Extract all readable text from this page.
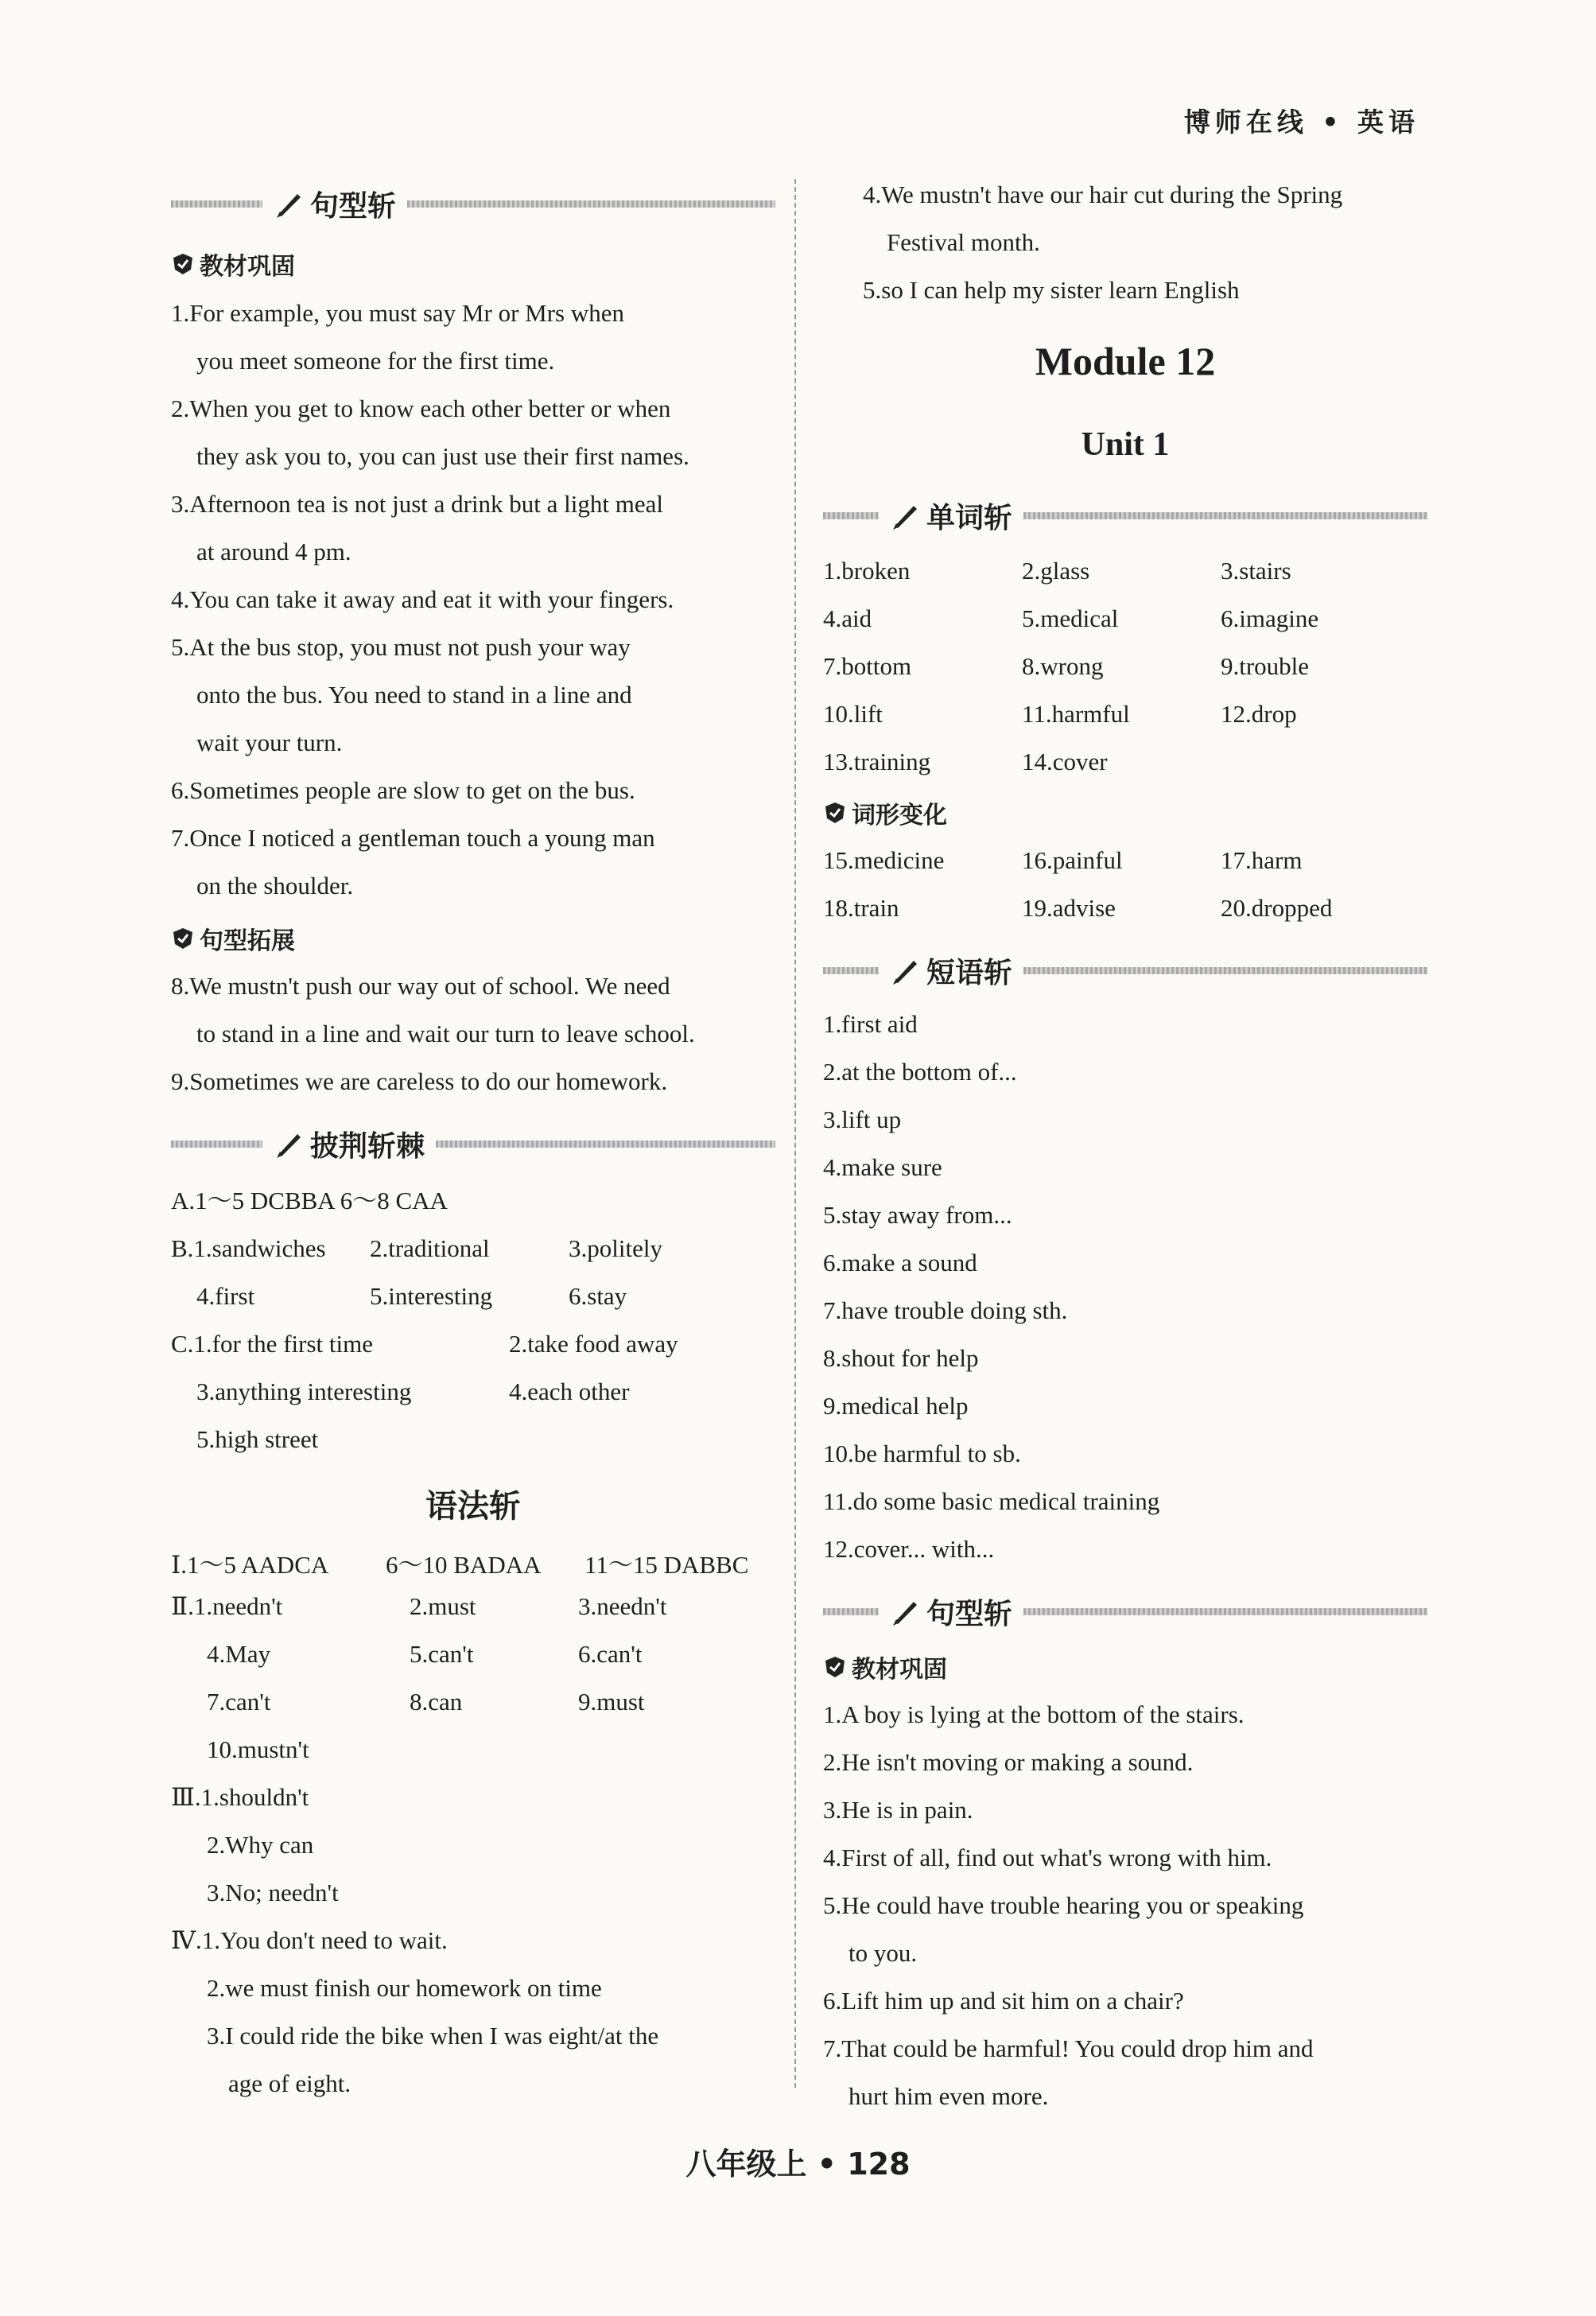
博师在线 • 英语
句型斩
教材巩固
1.For example, you must say Mr or Mrs when
you meet someone for the first time.
2.When you get to know each other better or when
they ask you to, you can just use their first names.
3.Afternoon tea is not just a drink but a light meal
at around 4 pm.
4.You can take it away and eat it with your fingers.
5.At the bus stop, you must not push your way
onto the bus. You need to stand in a line and
wait your turn.
6.Sometimes people are slow to get on the bus.
7.Once I noticed a gentleman touch a young man
on the shoulder.
句型拓展
8.We mustn't push our way out of school. We need
to stand in a line and wait our turn to leave school.
9.Sometimes we are careless to do our homework.
披荆斩棘
A.1～5 DCBBA 6～8 CAA
B.1.sandwiches 2.traditional	3.politely
4.first	5.interesting	6.stay
C.1.for the first time	2.take food away
3.anything interesting	4.each other
5.high street
语法斩
Ⅰ.1～5 AADCA 6～10 BADAA 11～15 DABBC
Ⅱ.1.needn't	2.must	3.needn't
4.May	5.can't	6.can't
7.can't	8.can	9.must
10.mustn't
Ⅲ.1.shouldn't
2.Why can
3.No; needn't
Ⅳ.1.You don't need to wait.
2.we must finish our homework on time
3.I could ride the bike when I was eight/at the
age of eight.
4.We mustn't have our hair cut during the Spring
Festival month.
5.so I can help my sister learn English
Module 12
Unit 1
单词斩
1.broken	2.glass	3.stairs
4.aid	5.medical	6.imagine
7.bottom	8.wrong	9.trouble
10.lift	11.harmful	12.drop
13.training	14.cover
词形变化
15.medicine	16.painful	17.harm
18.train	19.advise	20.dropped
短语斩
1.first aid
2.at the bottom of...
3.lift up
4.make sure
5.stay away from...
6.make a sound
7.have trouble doing sth.
8.shout for help
9.medical help
10.be harmful to sb.
11.do some basic medical training
12.cover... with...
句型斩
教材巩固
1.A boy is lying at the bottom of the stairs.
2.He isn't moving or making a sound.
3.He is in pain.
4.First of all, find out what's wrong with him.
5.He could have trouble hearing you or speaking
to you.
6.Lift him up and sit him on a chair?
7.That could be harmful! You could drop him and
hurt him even more.
八年级上 • 128
